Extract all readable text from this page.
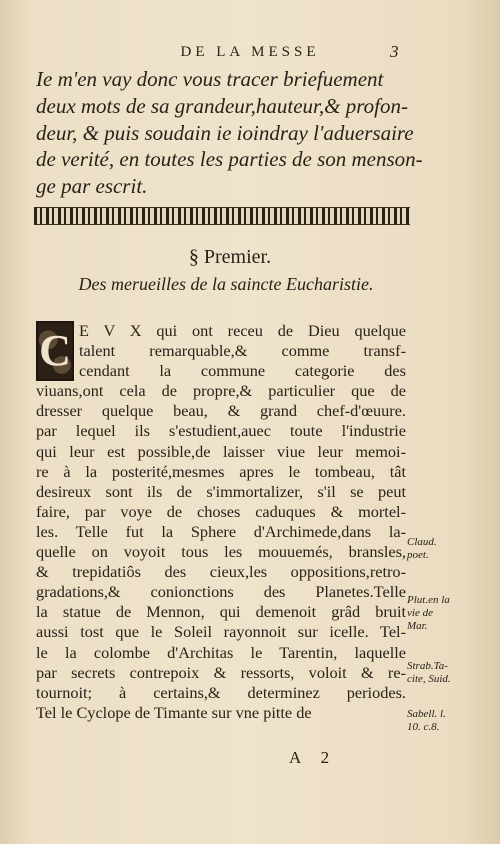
DE LA MESSE	3
Ie m'en vay donc vous tracer briefuement
deux mots de sa grandeur,hauteur,& profon-
deur, & puis soudain ie ioindray l'aduersaire
de verité, en toutes les parties de son menson-
ge par escrit.
§ Premier.
Des merueilles de la saincte Eucharistie.
C E V X qui ont receu de Dieu quelque
talent remarquable,& comme transf-
cendant la commune categorie des
viuans,ont cela de propre,& particulier que de
dresser quelque beau, & grand chef-d'œuure.
par lequel ils s'estudient,auec toute l'industrie
qui leur est possible,de laisser viue leur memoi-
re à la posterité,mesmes apres le tombeau, tât
desireux sont ils de s'immortalizer, s'il se peut
faire, par voye de choses caduques & mortel-
les. Telle fut la Sphere d'Archimede,dans la-
quelle on voyoit tous les mouuemés, bransles,
& trepidatiôs des cieux,les oppositions,retro-
gradations,& conionctions des Planetes.Telle
la statue de Mennon, qui demenoit grâd bruit
aussi tost que le Soleil rayonnoit sur icelle. Tel-
le la colombe d'Architas le Tarentin, laquelle
par secrets contrepoix & ressorts, voloit & re-
tournoit; à certains,& determinez periodes.
Tel le Cyclope de Timante sur vne pitte de
Claud.
poet.
Plut.en la
vie de
Mar.
Strab.Ta-
cite, Suid.
Sabell. l.
10. c.8.
A 2
